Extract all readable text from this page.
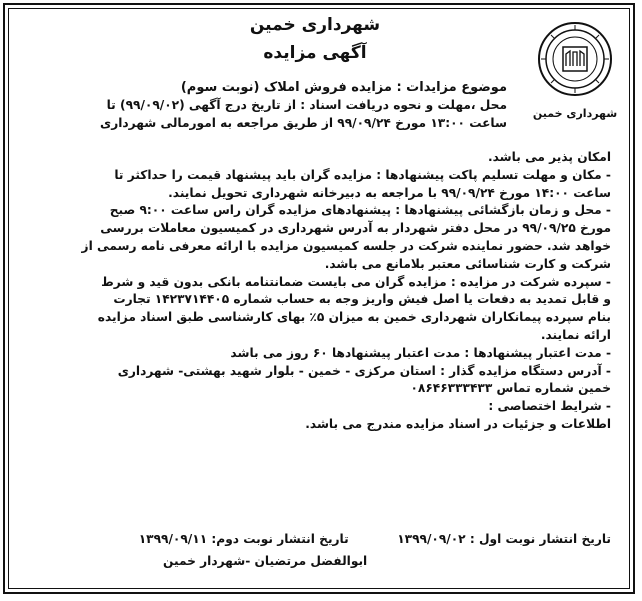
شهرداری خمین
شهرداری خمین
آگهی مزایده
موضوع مزایدات : مزایده فروش املاک (نوبت سوم)
محل ،مهلت و نحوه دریافت اسناد : از تاریخ درج آگهی (۹۹/۰۹/۰۲) تا
ساعت ۱۳:۰۰ مورخ ۹۹/۰۹/۲۴ از طریق مراجعه به امورمالی شهرداری
امکان پذیر می باشد.
- مکان و مهلت تسلیم پاکت پیشنهادها : مزایده گران باید پیشنهاد قیمت را حداکثر تا
ساعت ۱۴:۰۰ مورخ ۹۹/۰۹/۲۴ با مراجعه به دبیرخانه شهرداری تحویل نمایند.
- محل و زمان بازگشائی پیشنهادها : پیشنهادهای مزایده گران راس ساعت ۹:۰۰ صبح
مورخ ۹۹/۰۹/۲۵ در محل دفتر شهردار به آدرس شهرداری در کمیسیون معاملات بررسی
خواهد شد. حضور نماینده شرکت در جلسه کمیسیون مزایده با ارائه معرفی نامه رسمی از
شرکت و کارت شناسائی معتبر بلامانع می باشد.
- سپرده شرکت در مزایده : مزایده گران می بایست ضمانتنامه بانکی بدون قید و شرط
و قابل تمدید به دفعات یا اصل فیش واریز وجه به حساب شماره ۱۴۲۳۷۱۴۴۰۵ تجارت
بنام سپرده پیمانکاران شهرداری خمین به میزان ۵٪ بهای کارشناسی طبق اسناد مزایده
ارائه نمایند.
- مدت اعتبار پیشنهادها : مدت اعتبار پیشنهادها ۶۰ روز می باشد
- آدرس دستگاه مزایده گذار : استان مرکزی - خمین - بلوار شهید بهشتی- شهرداری
خمین شماره تماس ۰۸۶۴۶۳۳۳۴۳۳
- شرایط اختصاصی :
اطلاعات و جزئیات در اسناد مزایده مندرج می باشد.
تاریخ انتشار نوبت اول : ۱۳۹۹/۰۹/۰۲  تاریخ انتشار نوبت دوم: ۱۳۹۹/۰۹/۱۱
ابوالفضل مرتضیان -شهردار خمین
